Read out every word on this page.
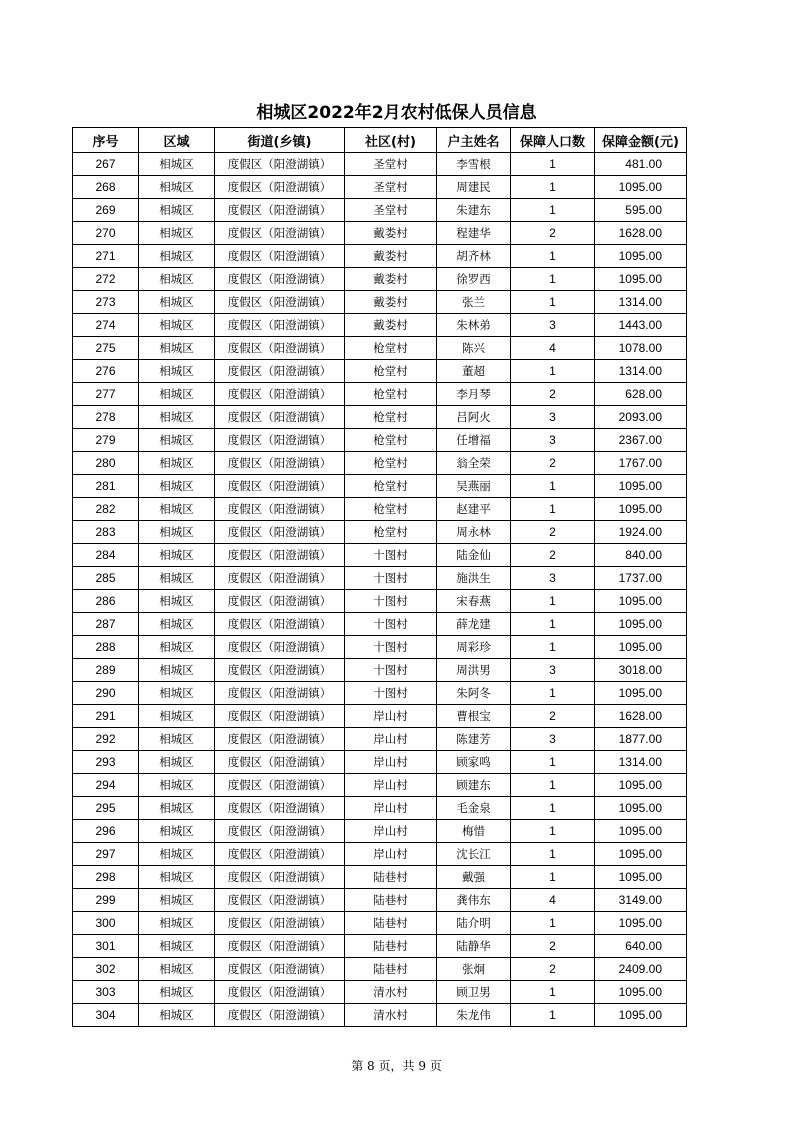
相城区2022年2月农村低保人员信息
序号	区域	街道(乡镇)	社区(村)	户主姓名	保障人口数	保障金额(元)
267	相城区	度假区（阳澄湖镇）	圣堂村	李雪根	1	481.00
268	相城区	度假区（阳澄湖镇）	圣堂村	周建民	1	1095.00
269	相城区	度假区（阳澄湖镇）	圣堂村	朱建东	1	595.00
270	相城区	度假区（阳澄湖镇）	戴娄村	程建华	2	1628.00
271	相城区	度假区（阳澄湖镇）	戴娄村	胡齐林	1	1095.00
272	相城区	度假区（阳澄湖镇）	戴娄村	徐罗西	1	1095.00
273	相城区	度假区（阳澄湖镇）	戴娄村	张兰	1	1314.00
274	相城区	度假区（阳澄湖镇）	戴娄村	朱林弟	3	1443.00
275	相城区	度假区（阳澄湖镇）	枪堂村	陈兴	4	1078.00
276	相城区	度假区（阳澄湖镇）	枪堂村	董超	1	1314.00
277	相城区	度假区（阳澄湖镇）	枪堂村	李月琴	2	628.00
278	相城区	度假区（阳澄湖镇）	枪堂村	吕阿火	3	2093.00
279	相城区	度假区（阳澄湖镇）	枪堂村	任增福	3	2367.00
280	相城区	度假区（阳澄湖镇）	枪堂村	翁全荣	2	1767.00
281	相城区	度假区（阳澄湖镇）	枪堂村	吴燕丽	1	1095.00
282	相城区	度假区（阳澄湖镇）	枪堂村	赵建平	1	1095.00
283	相城区	度假区（阳澄湖镇）	枪堂村	周永林	2	1924.00
284	相城区	度假区（阳澄湖镇）	十图村	陆金仙	2	840.00
285	相城区	度假区（阳澄湖镇）	十图村	施洪生	3	1737.00
286	相城区	度假区（阳澄湖镇）	十图村	宋春燕	1	1095.00
287	相城区	度假区（阳澄湖镇）	十图村	薛龙建	1	1095.00
288	相城区	度假区（阳澄湖镇）	十图村	周彩珍	1	1095.00
289	相城区	度假区（阳澄湖镇）	十图村	周洪男	3	3018.00
290	相城区	度假区（阳澄湖镇）	十图村	朱阿冬	1	1095.00
291	相城区	度假区（阳澄湖镇）	岸山村	曹根宝	2	1628.00
292	相城区	度假区（阳澄湖镇）	岸山村	陈建芳	3	1877.00
293	相城区	度假区（阳澄湖镇）	岸山村	顾家鸣	1	1314.00
294	相城区	度假区（阳澄湖镇）	岸山村	顾建东	1	1095.00
295	相城区	度假区（阳澄湖镇）	岸山村	毛金泉	1	1095.00
296	相城区	度假区（阳澄湖镇）	岸山村	梅惜	1	1095.00
297	相城区	度假区（阳澄湖镇）	岸山村	沈长江	1	1095.00
298	相城区	度假区（阳澄湖镇）	陆巷村	戴强	1	1095.00
299	相城区	度假区（阳澄湖镇）	陆巷村	龚伟东	4	3149.00
300	相城区	度假区（阳澄湖镇）	陆巷村	陆介明	1	1095.00
301	相城区	度假区（阳澄湖镇）	陆巷村	陆静华	2	640.00
302	相城区	度假区（阳澄湖镇）	陆巷村	张炯	2	2409.00
303	相城区	度假区（阳澄湖镇）	清水村	顾卫男	1	1095.00
304	相城区	度假区（阳澄湖镇）	清水村	朱龙伟	1	1095.00
第 8 页，共 9 页
